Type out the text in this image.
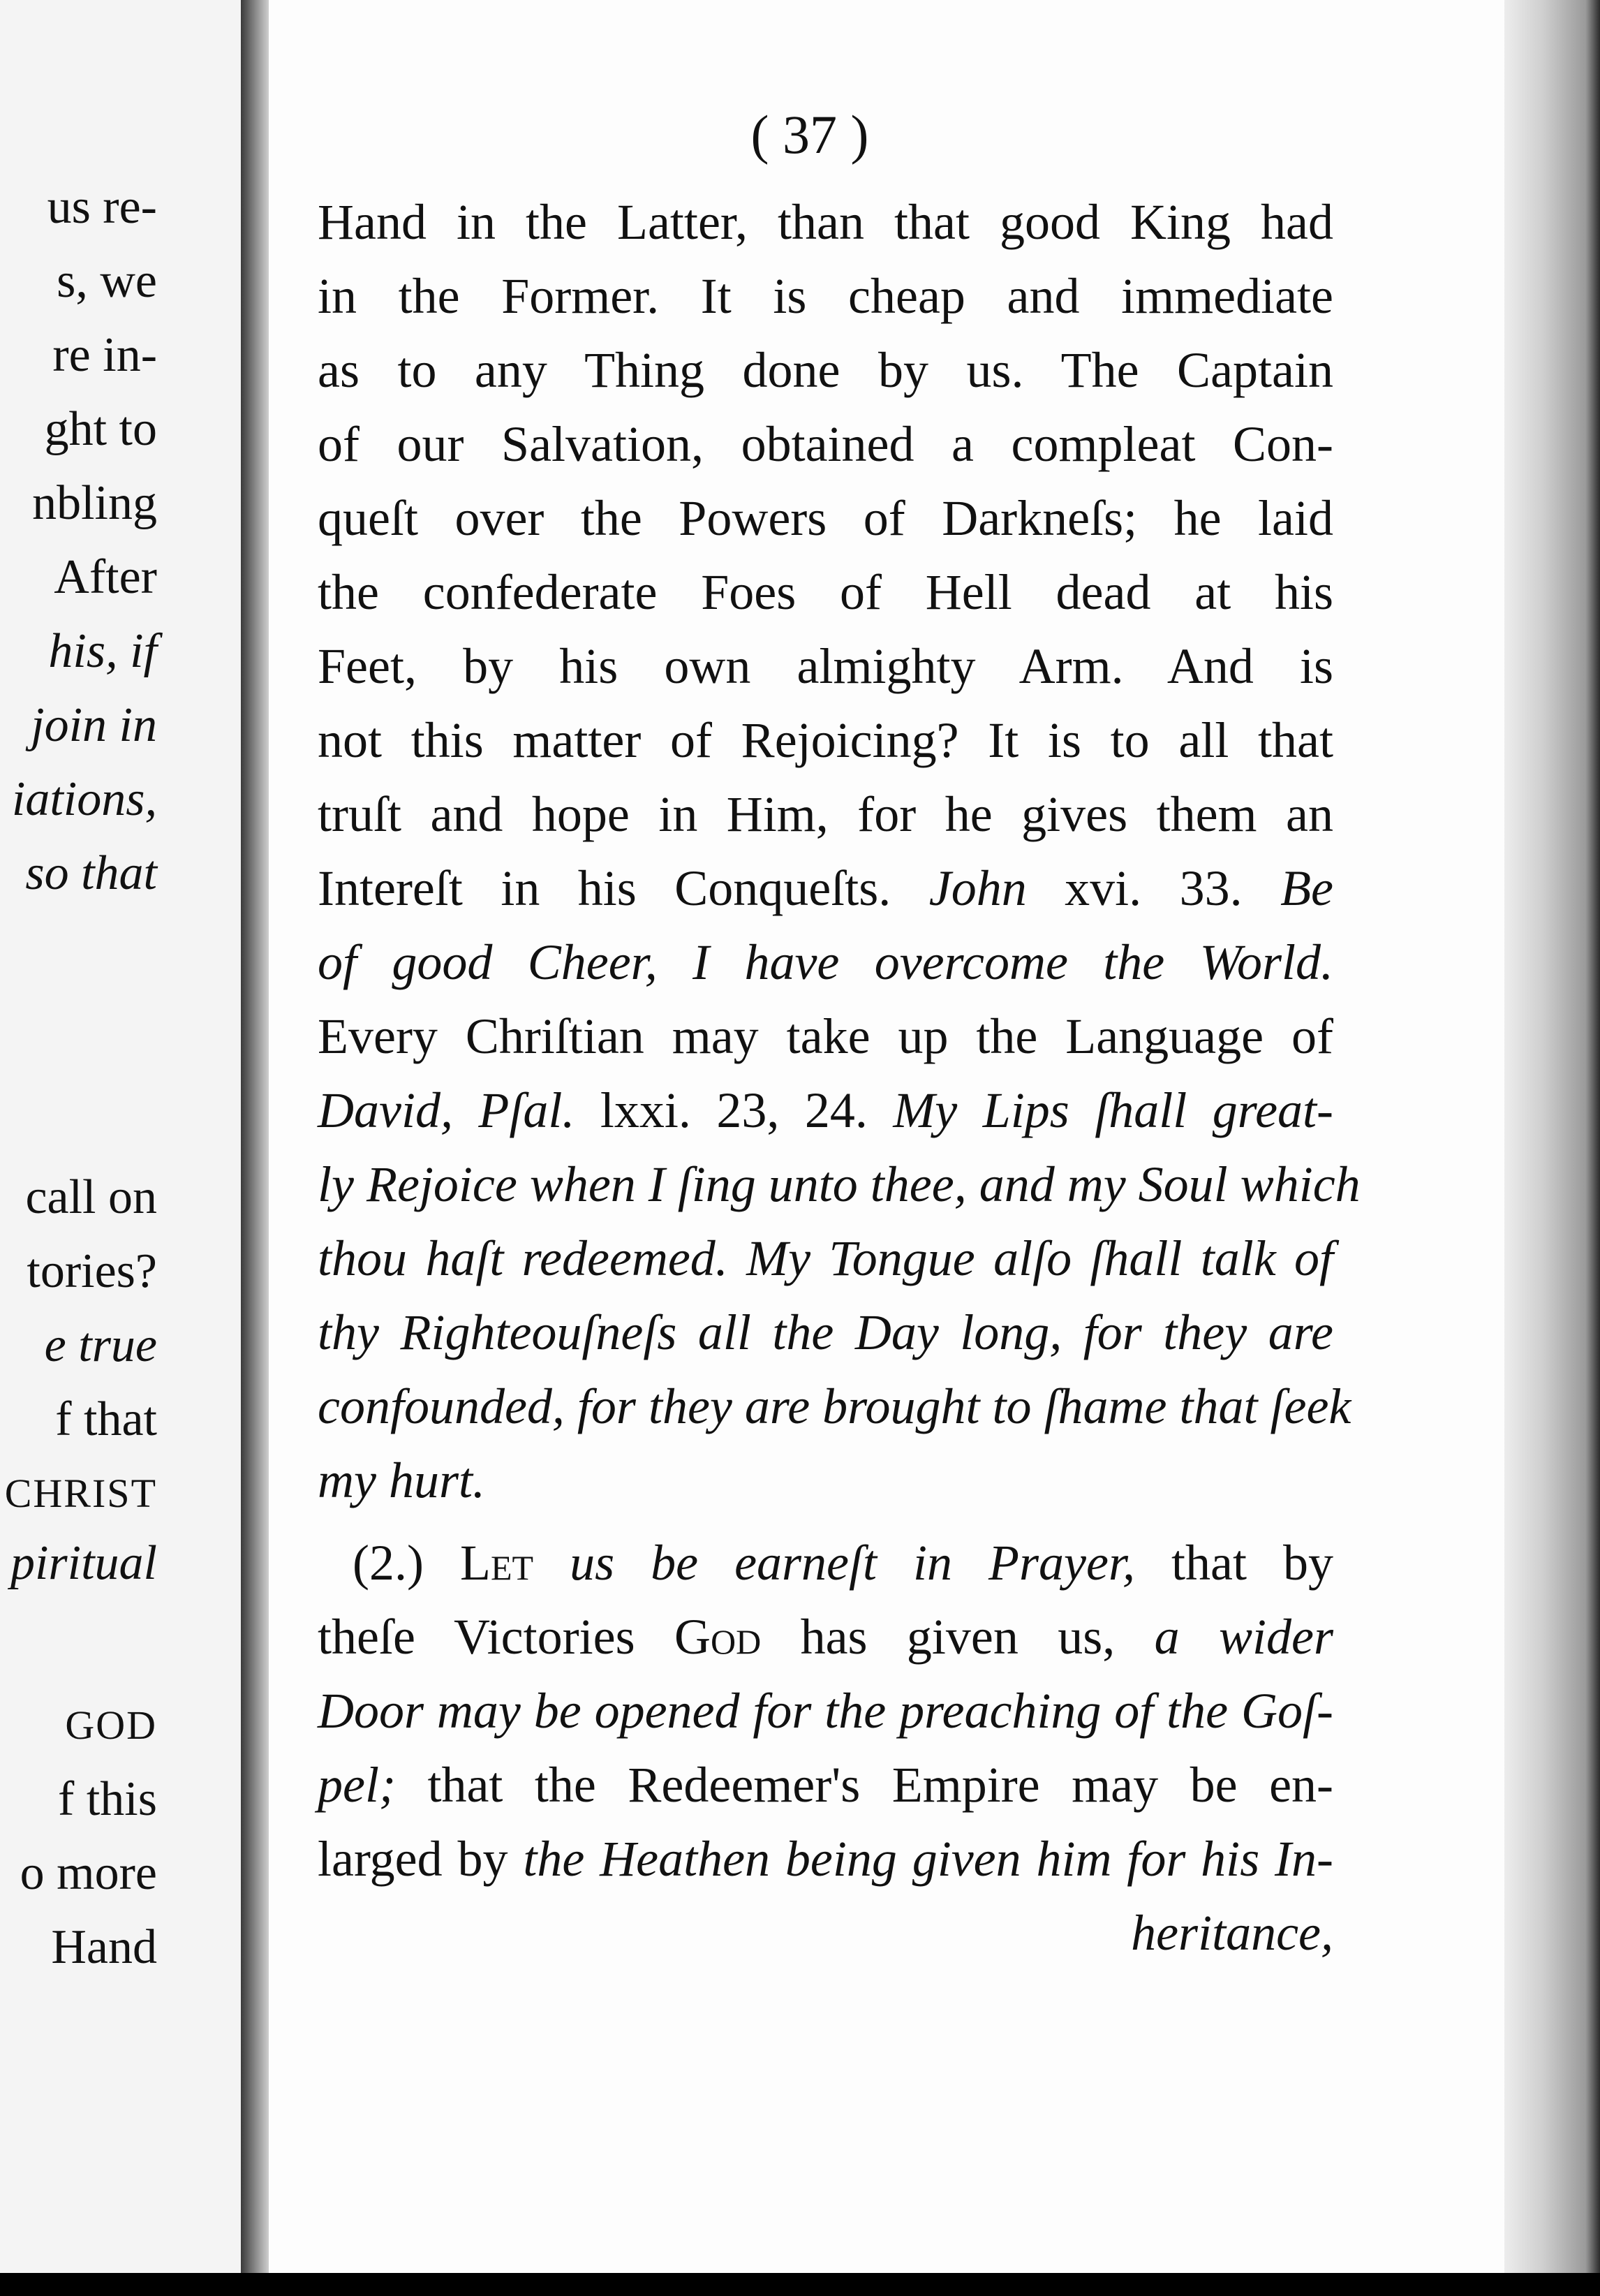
us re-
s, we
re in-
ght to
nbling
After
his, if
join in
iations,
so that
call on
tories?
e true
f that
CHRIST
piritual
GOD
f this
o more
Hand
( 37 )
Hand in the Latter, than that good King had
in the Former. It is cheap and immediate
as to any Thing done by us. The Captain
of our Salvation, obtained a compleat Con-
queſt over the Powers of Darkneſs; he laid
the confederate Foes of Hell dead at his
Feet, by his own almighty Arm. And is
not this matter of Rejoicing? It is to all that
truſt and hope in Him, for he gives them an
Intereſt in his Conqueſts. John xvi. 33. Be
of good Cheer, I have overcome the World.
Every Chriſtian may take up the Language of
David, Pſal. lxxi. 23, 24. My Lips ſhall great-
ly Rejoice when I ſing unto thee, and my Soul which
thou haſt redeemed. My Tongue alſo ſhall talk of
thy Righteouſneſs all the Day long, for they are
confounded, for they are brought to ſhame that ſeek
my hurt.
(2.) Let us be earneſt in Prayer, that by
theſe Victories God has given us, a wider
Door may be opened for the preaching of the Goſ-
pel; that the Redeemer's Empire may be en-
larged by the Heathen being given him for his In-
heritance,
